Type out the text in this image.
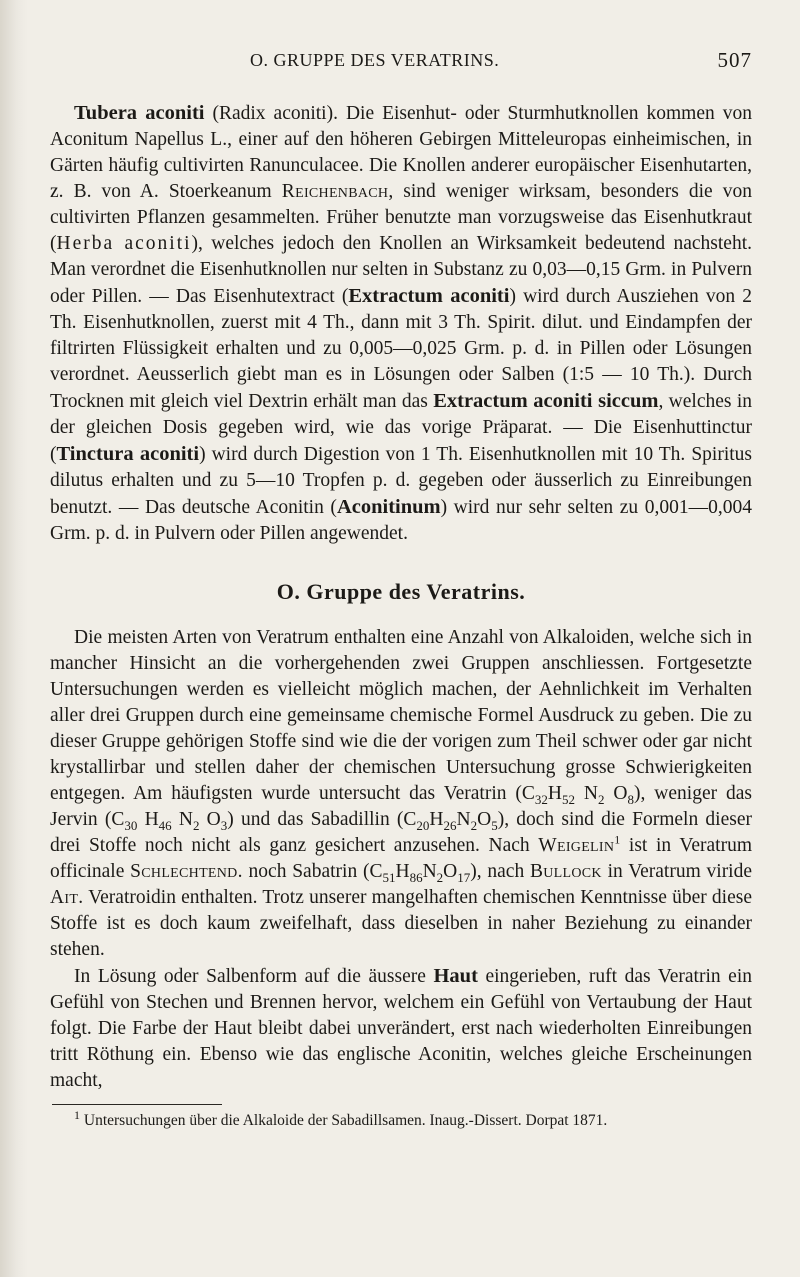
O. GRUPPE DES VERATRINS.	507

Tubera aconiti (Radix aconiti). Die Eisenhut- oder Sturmhutknollen kommen von Aconitum Napellus L., einer auf den höheren Gebirgen Mitteleuropas einheimischen, in Gärten häufig cultivirten Ranunculacee. Die Knollen anderer europäischer Eisenhutarten, z. B. von A. Stoerkeanum Reichenbach, sind weniger wirksam, besonders die von cultivirten Pflanzen gesammelten. Früher benutzte man vorzugsweise das Eisenhutkraut (Herba aconiti), welches jedoch den Knollen an Wirksamkeit bedeutend nachsteht. Man verordnet die Eisenhutknollen nur selten in Substanz zu 0,03—0,15 Grm. in Pulvern oder Pillen. — Das Eisenhutextract (Extractum aconiti) wird durch Ausziehen von 2 Th. Eisenhutknollen, zuerst mit 4 Th., dann mit 3 Th. Spirit. dilut. und Eindampfen der filtrirten Flüssigkeit erhalten und zu 0,005—0,025 Grm. p. d. in Pillen oder Lösungen verordnet. Aeusserlich giebt man es in Lösungen oder Salben (1:5 — 10 Th.). Durch Trocknen mit gleich viel Dextrin erhält man das Extractum aconiti siccum, welches in der gleichen Dosis gegeben wird, wie das vorige Präparat. — Die Eisenhuttinctur (Tinctura aconiti) wird durch Digestion von 1 Th. Eisenhutknollen mit 10 Th. Spiritus dilutus erhalten und zu 5—10 Tropfen p. d. gegeben oder äusserlich zu Einreibungen benutzt. — Das deutsche Aconitin (Aconitinum) wird nur sehr selten zu 0,001—0,004 Grm. p. d. in Pulvern oder Pillen angewendet.

O. Gruppe des Veratrins.

Die meisten Arten von Veratrum enthalten eine Anzahl von Alkaloiden, welche sich in mancher Hinsicht an die vorhergehenden zwei Gruppen anschliessen. Fortgesetzte Untersuchungen werden es vielleicht möglich machen, der Aehnlichkeit im Verhalten aller drei Gruppen durch eine gemeinsame chemische Formel Ausdruck zu geben. Die zu dieser Gruppe gehörigen Stoffe sind wie die der vorigen zum Theil schwer oder gar nicht krystallirbar und stellen daher der chemischen Untersuchung grosse Schwierigkeiten entgegen. Am häufigsten wurde untersucht das Veratrin ($C_{32}H_{52}$ $N_2$ $O_8$), weniger das Jervin ($C_{30}$ $H_{46}$ $N_2$ $O_3$) und das Sabadillin $(C_{20}H_{26}N_2O_5)$, doch sind die Formeln dieser drei Stoffe noch nicht als ganz gesichert anzusehen. Nach Weigelin$^1$ ist in Veratrum officinale Schlechtend. noch Sabatrin $(C_{51}H_{86}N_2O_{17})$, nach Bullock in Veratrum viride Ait. Veratroidin enthalten. Trotz unserer mangelhaften chemischen Kenntnisse über diese Stoffe ist es doch kaum zweifelhaft, dass dieselben in naher Beziehung zu einander stehen.

In Lösung oder Salbenform auf die äussere Haut eingerieben, ruft das Veratrin ein Gefühl von Stechen und Brennen hervor, welchem ein Gefühl von Vertaubung der Haut folgt. Die Farbe der Haut bleibt dabei unverändert, erst nach wiederholten Einreibungen tritt Röthung ein. Ebenso wie das englische Aconitin, welches gleiche Erscheinungen macht,

$^1$ Untersuchungen über die Alkaloide der Sabadillsamen. Inaug.-Dissert. Dorpat 1871.
